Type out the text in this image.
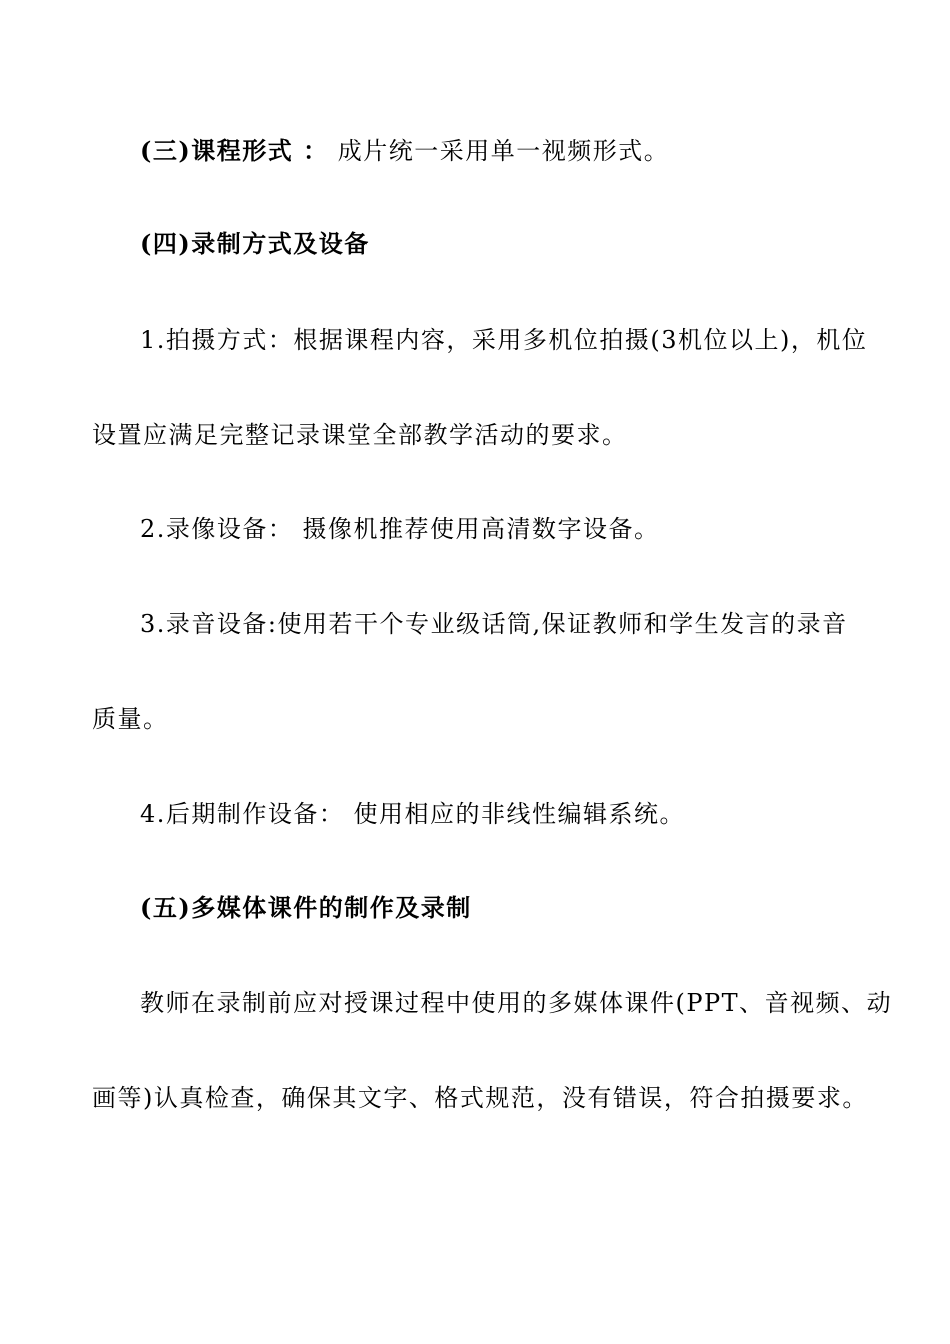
(三)课程形式 ： 成片统一采用单一视频形式。
(四)录制方式及设备
1.拍摄方式：根据课程内容，采用多机位拍摄(3机位以上)，机位
设置应满足完整记录课堂全部教学活动的要求。
2.录像设备： 摄像机推荐使用高清数字设备。
3.录音设备:使用若干个专业级话筒,保证教师和学生发言的录音
质量。
4.后期制作设备： 使用相应的非线性编辑系统。
(五)多媒体课件的制作及录制
教师在录制前应对授课过程中使用的多媒体课件(PPT、音视频、动
画等)认真检查，确保其文字、格式规范，没有错误，符合拍摄要求。
